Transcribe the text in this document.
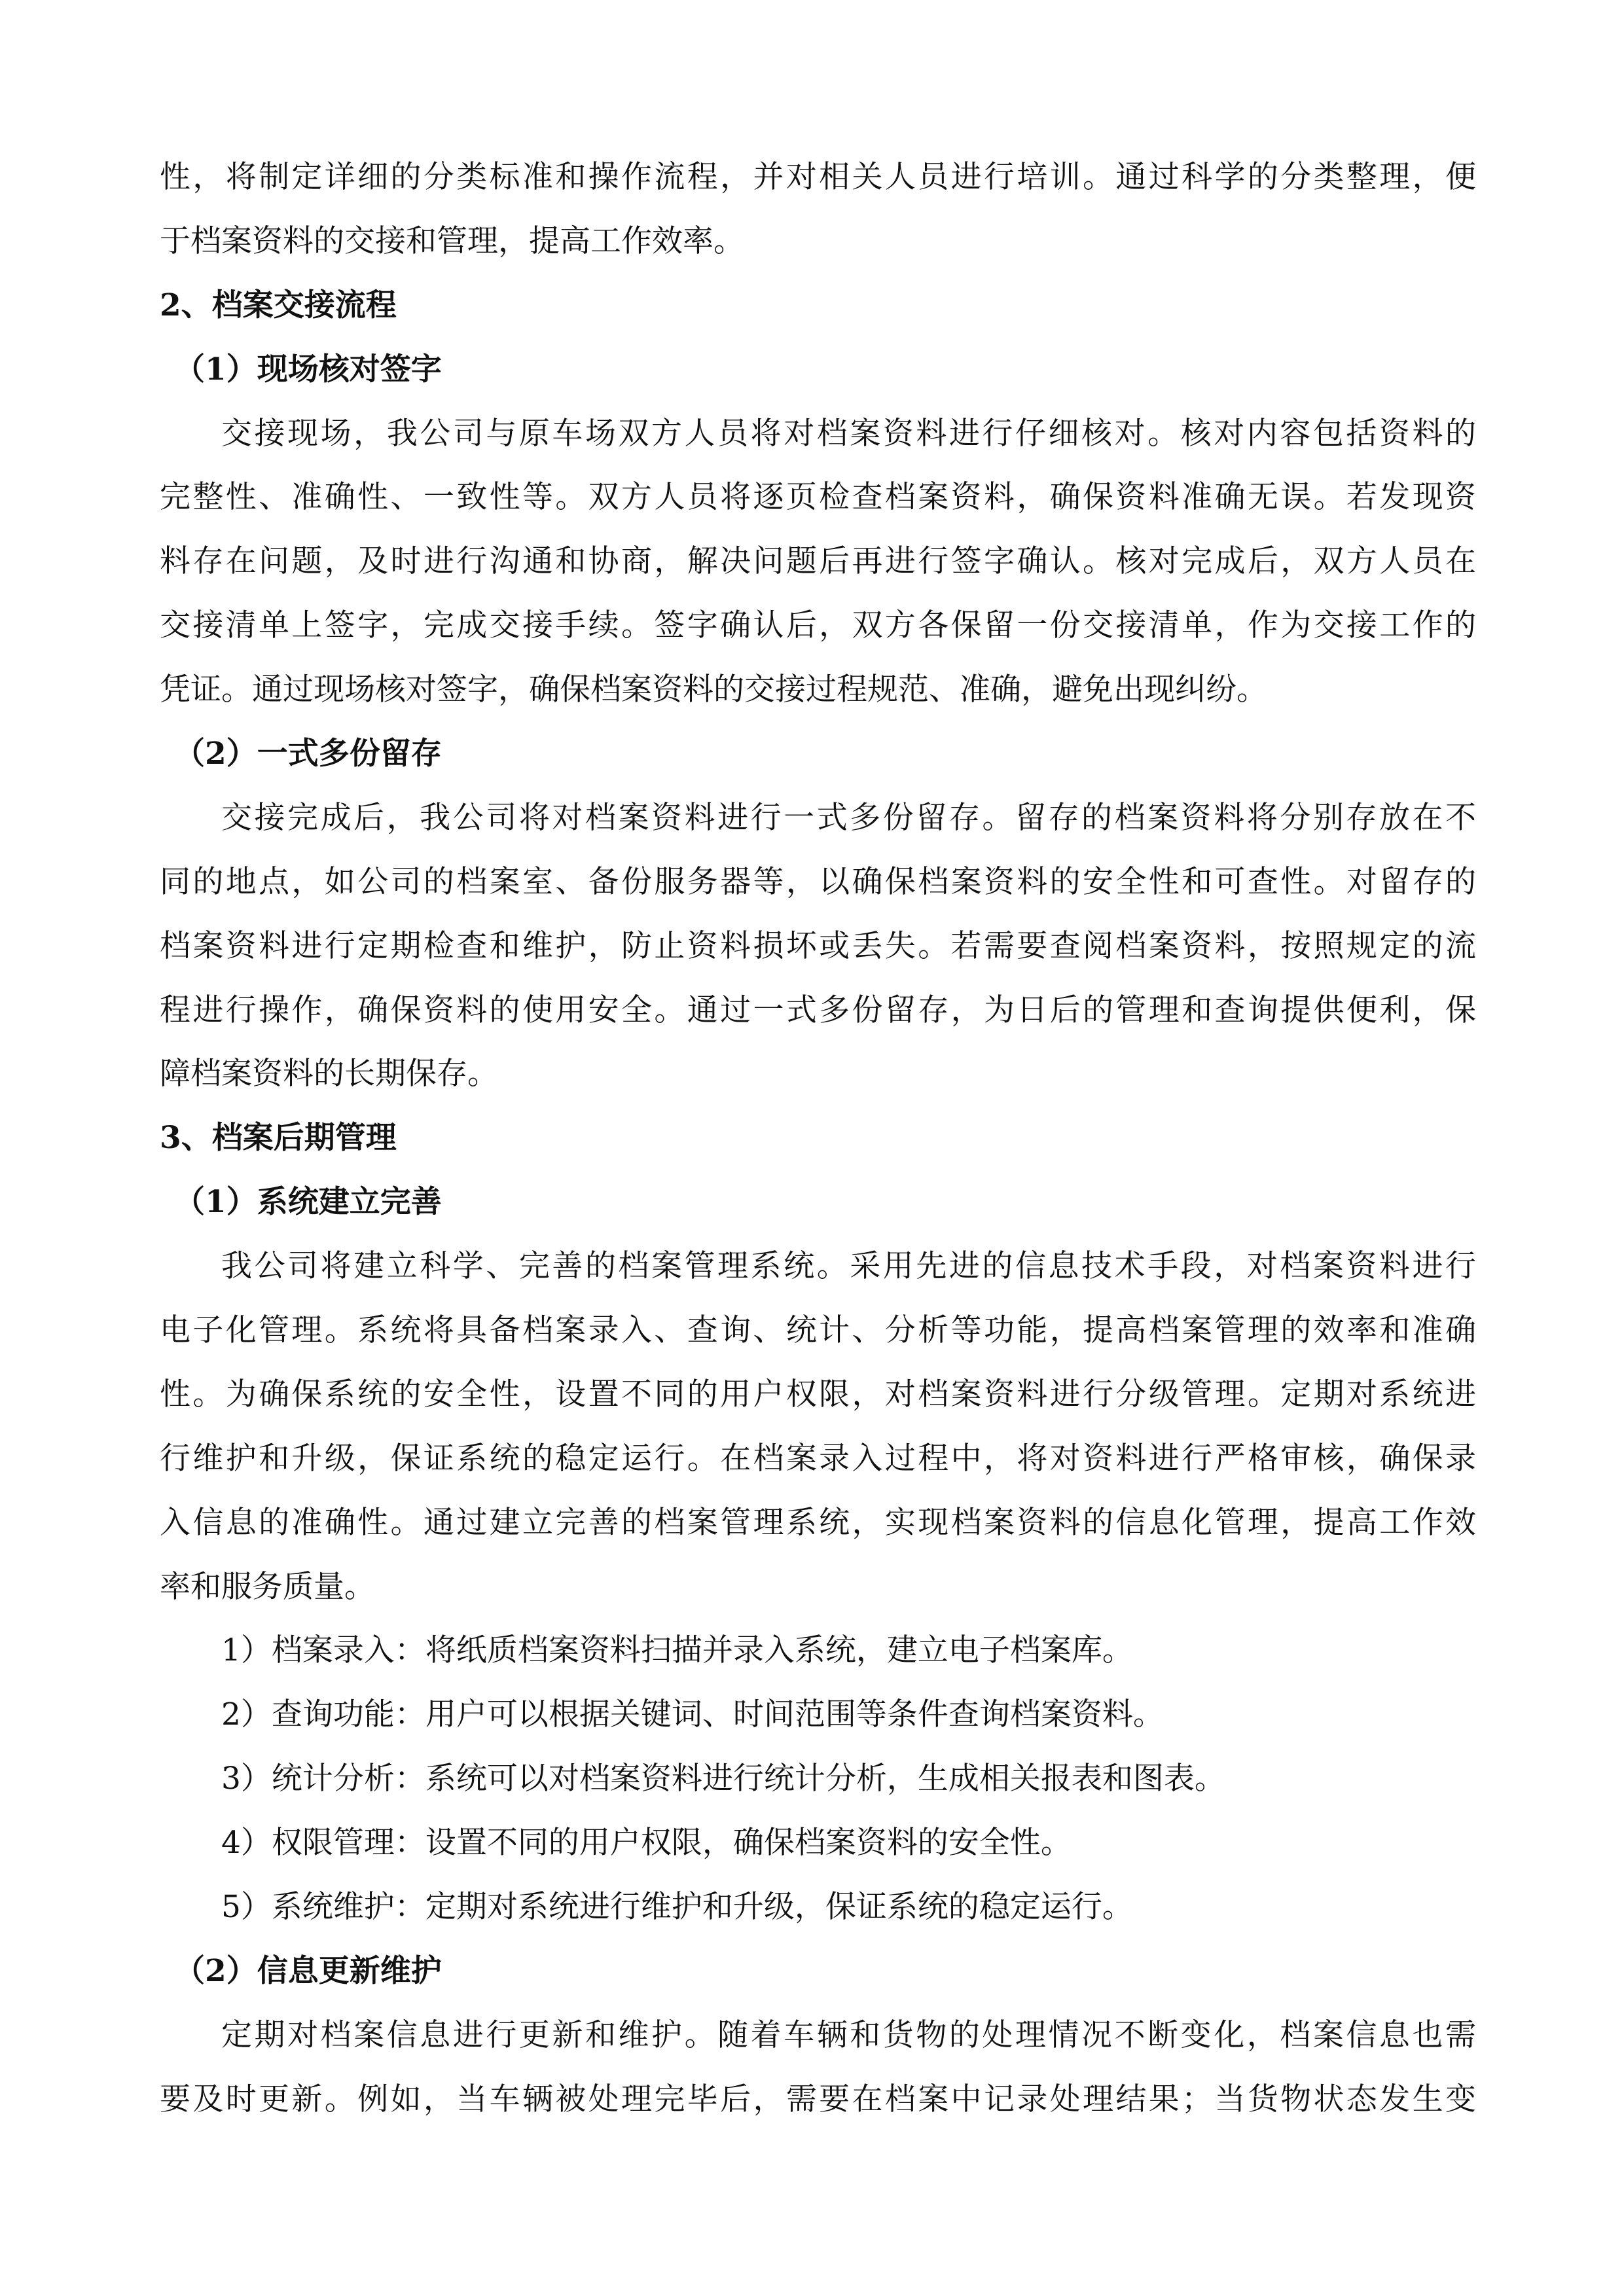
性，将制定详细的分类标准和操作流程，并对相关人员进行培训。通过科学的分类整理，便
于档案资料的交接和管理，提高工作效率。
2、档案交接流程
（1）现场核对签字
交接现场，我公司与原车场双方人员将对档案资料进行仔细核对。核对内容包括资料的
完整性、准确性、一致性等。双方人员将逐页检查档案资料，确保资料准确无误。若发现资
料存在问题，及时进行沟通和协商，解决问题后再进行签字确认。核对完成后，双方人员在
交接清单上签字，完成交接手续。签字确认后，双方各保留一份交接清单，作为交接工作的
凭证。通过现场核对签字，确保档案资料的交接过程规范、准确，避免出现纠纷。
（2）一式多份留存
交接完成后，我公司将对档案资料进行一式多份留存。留存的档案资料将分别存放在不
同的地点，如公司的档案室、备份服务器等，以确保档案资料的安全性和可查性。对留存的
档案资料进行定期检查和维护，防止资料损坏或丢失。若需要查阅档案资料，按照规定的流
程进行操作，确保资料的使用安全。通过一式多份留存，为日后的管理和查询提供便利，保
障档案资料的长期保存。
3、档案后期管理
（1）系统建立完善
我公司将建立科学、完善的档案管理系统。采用先进的信息技术手段，对档案资料进行
电子化管理。系统将具备档案录入、查询、统计、分析等功能，提高档案管理的效率和准确
性。为确保系统的安全性，设置不同的用户权限，对档案资料进行分级管理。定期对系统进
行维护和升级，保证系统的稳定运行。在档案录入过程中，将对资料进行严格审核，确保录
入信息的准确性。通过建立完善的档案管理系统，实现档案资料的信息化管理，提高工作效
率和服务质量。
1）档案录入：将纸质档案资料扫描并录入系统，建立电子档案库。
2）查询功能：用户可以根据关键词、时间范围等条件查询档案资料。
3）统计分析：系统可以对档案资料进行统计分析，生成相关报表和图表。
4）权限管理：设置不同的用户权限，确保档案资料的安全性。
5）系统维护：定期对系统进行维护和升级，保证系统的稳定运行。
（2）信息更新维护
定期对档案信息进行更新和维护。随着车辆和货物的处理情况不断变化，档案信息也需
要及时更新。例如，当车辆被处理完毕后，需要在档案中记录处理结果；当货物状态发生变
